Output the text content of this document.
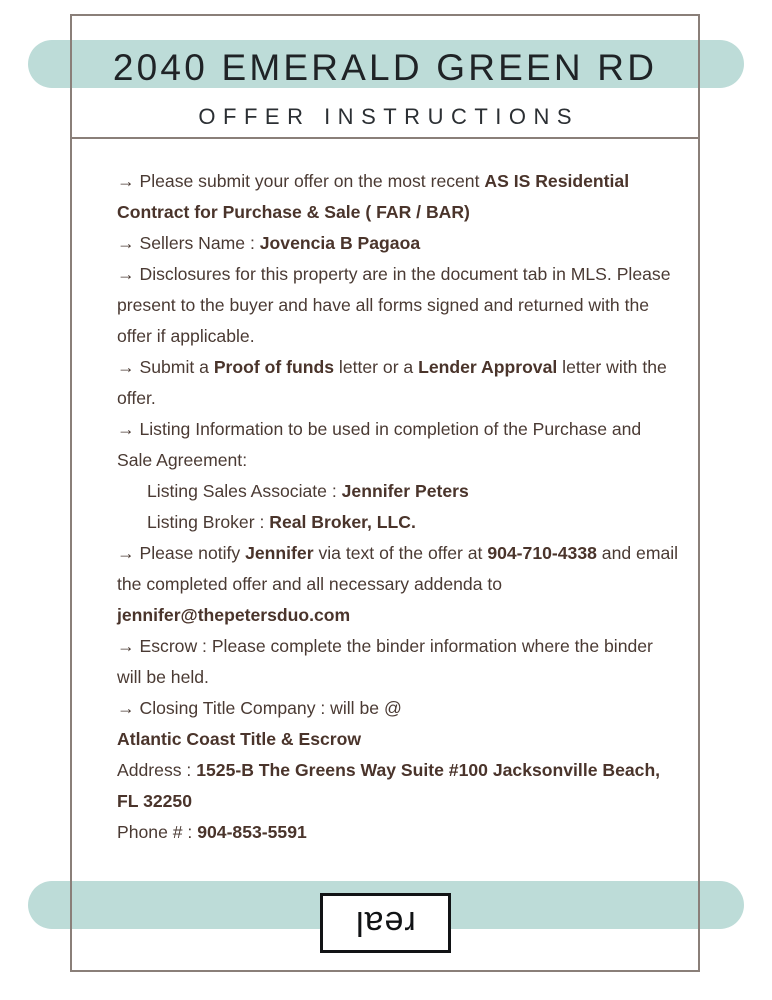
2040 EMERALD GREEN RD
OFFER INSTRUCTIONS
→ Please submit your offer on the most recent AS IS Residential Contract for Purchase & Sale ( FAR / BAR)
→ Sellers Name : Jovencia B Pagaoa
→ Disclosures for this property are in the document tab in MLS. Please present to the buyer and have all forms signed and returned with the offer if applicable.
→ Submit a Proof of funds letter or a Lender Approval letter with the offer.
→ Listing Information to be used in completion of the Purchase and Sale Agreement:
Listing Sales Associate : Jennifer Peters
Listing Broker : Real Broker, LLC.
→ Please notify Jennifer via text of the offer at 904-710-4338 and email the completed offer and all necessary addenda to jennifer@thepetersduo.com
→ Escrow : Please complete the binder information where the binder will be held.
→ Closing Title Company : will be @
Atlantic Coast Title & Escrow
Address : 1525-B The Greens Way Suite #100 Jacksonville Beach, FL 32250
Phone # : 904-853-5591
real
